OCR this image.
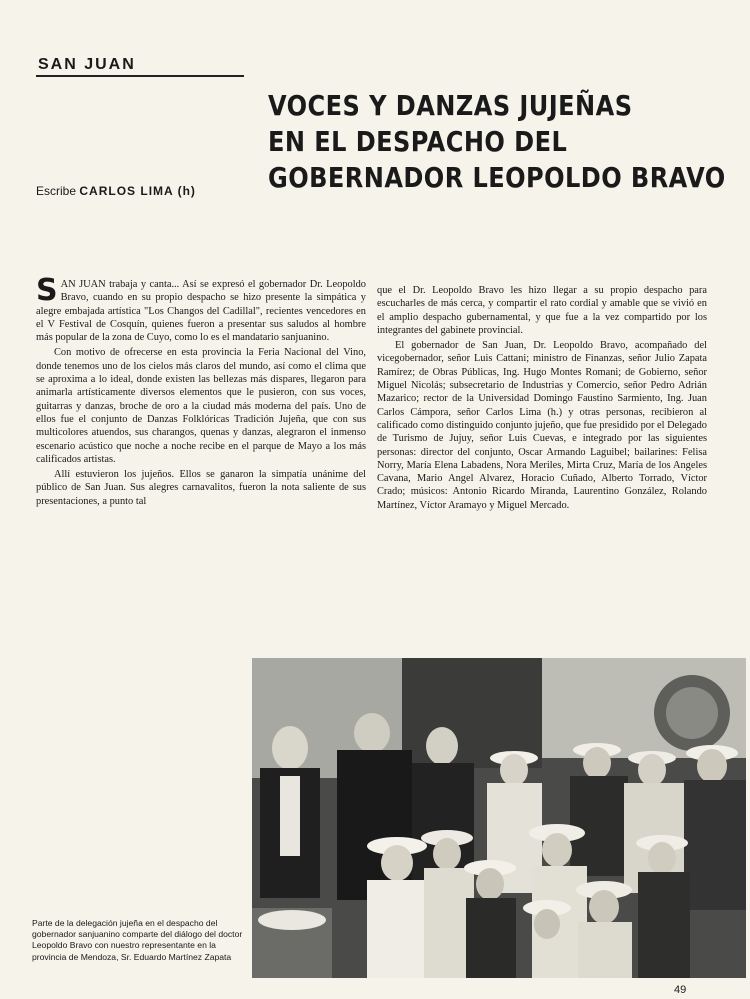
SAN JUAN
VOCES Y DANZAS JUJEÑAS
EN EL DESPACHO DEL
GOBERNADOR LEOPOLDO BRAVO
Escribe CARLOS LIMA (h)

SAN JUAN trabaja y canta... Así se expresó el gobernador Dr. Leopoldo Bravo, cuando en su propio despacho se hizo presente la simpática y alegre embajada artística "Los Changos del Cadillal", recientes vencedores en el V Festival de Cosquín, quienes fueron a presentar sus saludos al hombre más popular de la zona de Cuyo, como lo es el mandatario sanjuanino.

Con motivo de ofrecerse en esta provincia la Feria Nacional del Vino, donde tenemos uno de los cielos más claros del mundo, así como el clima que se aproxima a lo ideal, donde existen las bellezas más dispares, llegaron para animarla artísticamente diversos elementos que le pusieron, con sus voces, guitarras y danzas, broche de oro a la ciudad más moderna del país. Uno de ellos fue el conjunto de Danzas Folklóricas Tradición Jujeña, que con sus multicolores atuendos, sus charangos, quenas y danzas, alegraron el inmenso escenario acústico que noche a noche recibe en el parque de Mayo a los más calificados artistas.

Allí estuvieron los jujeños. Ellos se ganaron la simpatía unánime del público de San Juan. Sus alegres carnavalitos, fueron la nota saliente de sus presentaciones, a punto tal

que el Dr. Leopoldo Bravo les hizo llegar a su propio despacho para escucharles de más cerca, y compartir el rato cordial y amable que se vivió en el amplio despacho gubernamental, y que fue a la vez compartido por los integrantes del gabinete provincial.

El gobernador de San Juan, Dr. Leopoldo Bravo, acompañado del vicegobernador, señor Luis Cattani; ministro de Finanzas, señor Julio Zapata Ramírez; de Obras Públicas, Ing. Hugo Montes Romani; de Gobierno, señor Miguel Nicolás; subsecretario de Industrias y Comercio, señor Pedro Adrián Mazarico; rector de la Universidad Domingo Faustino Sarmiento, Ing. Juan Carlos Cámpora, señor Carlos Lima (h.) y otras personas, recibieron al calificado como distinguido conjunto jujeño, que fue presidido por el Delegado de Turismo de Jujuy, señor Luis Cuevas, e integrado por las siguientes personas: director del conjunto, Oscar Armando Laguibel; bailarines: Felisa Norry, María Elena Labadens, Nora Meriles, Mirta Cruz, María de los Angeles Cavana, Mario Angel Alvarez, Horacio Cuñado, Alberto Torrado, Víctor Crado; músicos: Antonio Ricardo Miranda, Laurentino González, Rolando Martínez, Víctor Aramayo y Miguel Mercado.

Parte de la delegación jujeña en el despacho del gobernador sanjuanino comparte del diálogo del doctor Leopoldo Bravo con nuestro representante en la provincia de Mendoza, Sr. Eduardo Martínez Zapata
49
